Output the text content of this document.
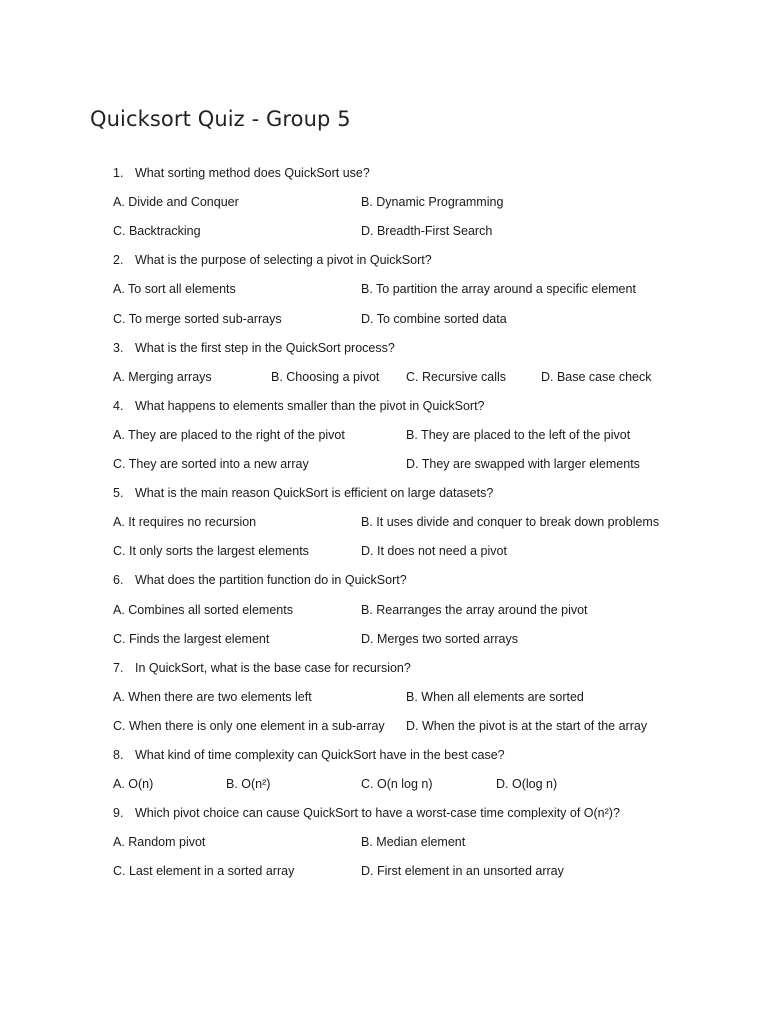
Quicksort Quiz - Group 5
1. What sorting method does QuickSort use?
A. Divide and Conquer	B. Dynamic Programming
C. Backtracking	D. Breadth-First Search
2. What is the purpose of selecting a pivot in QuickSort?
A. To sort all elements	B. To partition the array around a specific element
C. To merge sorted sub-arrays	D. To combine sorted data
3. What is the first step in the QuickSort process?
A. Merging arrays	B. Choosing a pivot C. Recursive calls	D. Base case check
4. What happens to elements smaller than the pivot in QuickSort?
A. They are placed to the right of the pivot	B. They are placed to the left of the pivot
C. They are sorted into a new array	D. They are swapped with larger elements
5. What is the main reason QuickSort is efficient on large datasets?
A. It requires no recursion	B. It uses divide and conquer to break down problems
C. It only sorts the largest elements	D. It does not need a pivot
6. What does the partition function do in QuickSort?
A. Combines all sorted elements	B. Rearranges the array around the pivot
C. Finds the largest element	D. Merges two sorted arrays
7. In QuickSort, what is the base case for recursion?
A. When there are two elements left	B. When all elements are sorted
C. When there is only one element in a sub-array D. When the pivot is at the start of the array
8. What kind of time complexity can QuickSort have in the best case?
A. O(n)	B. O(n²)	C. O(n log n)	D. O(log n)
9. Which pivot choice can cause QuickSort to have a worst-case time complexity of O(n²)?
A. Random pivot	B. Median element
C. Last element in a sorted array	D. First element in an unsorted array
